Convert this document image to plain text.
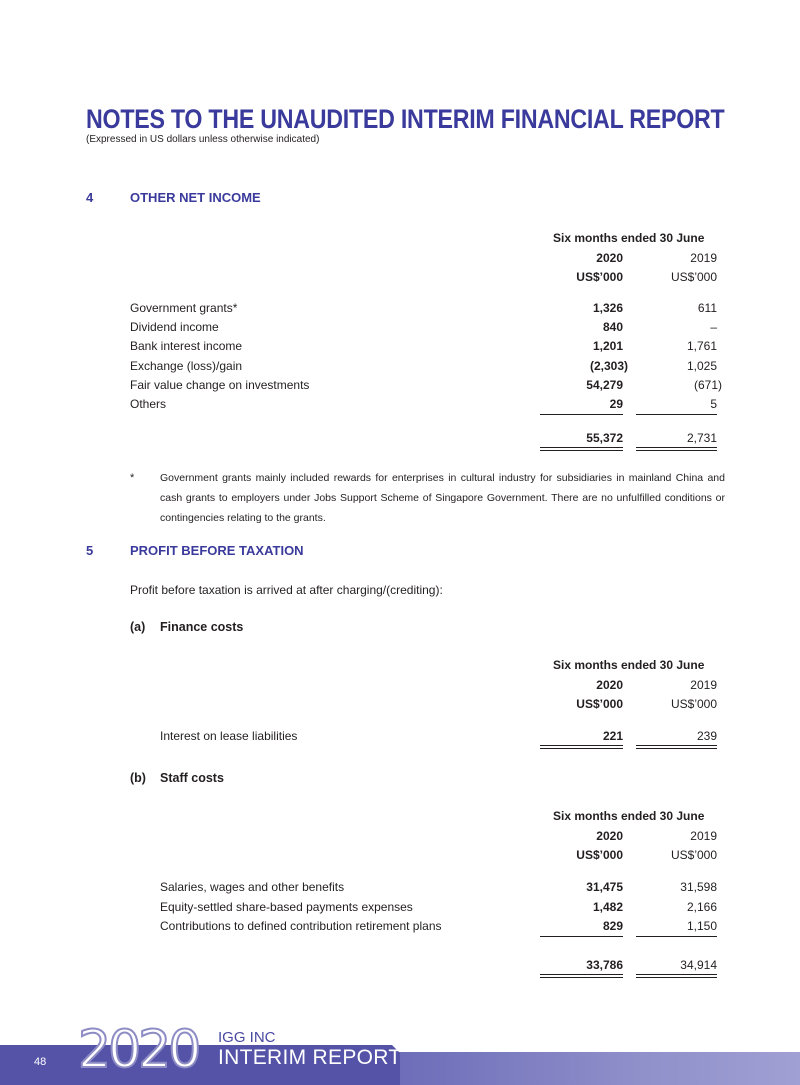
NOTES TO THE UNAUDITED INTERIM FINANCIAL REPORT
(Expressed in US dollars unless otherwise indicated)
4	OTHER NET INCOME
Six months ended 30 June
2020	2019
US$’000	US$’000
Government grants*	1,326	611
Dividend income	840	–
Bank interest income	1,201	1,761
Exchange (loss)/gain	(2,303)	1,025
Fair value change on investments	54,279	(671)
Others	29	5
55,372	2,731
* Government grants mainly included rewards for enterprises in cultural industry for subsidiaries in mainland China and cash grants to employers under Jobs Support Scheme of Singapore Government. There are no unfulfilled conditions or contingencies relating to the grants.
5	PROFIT BEFORE TAXATION
Profit before taxation is arrived at after charging/(crediting):
(a) Finance costs
Six months ended 30 June
2020	2019
US$’000	US$’000
Interest on lease liabilities	221	239
(b) Staff costs
Six months ended 30 June
2020	2019
US$’000	US$’000
Salaries, wages and other benefits	31,475	31,598
Equity-settled share-based payments expenses	1,482	2,166
Contributions to defined contribution retirement plans	829	1,150
33,786	34,914
48 2020 IGG INC
INTERIM REPORT
